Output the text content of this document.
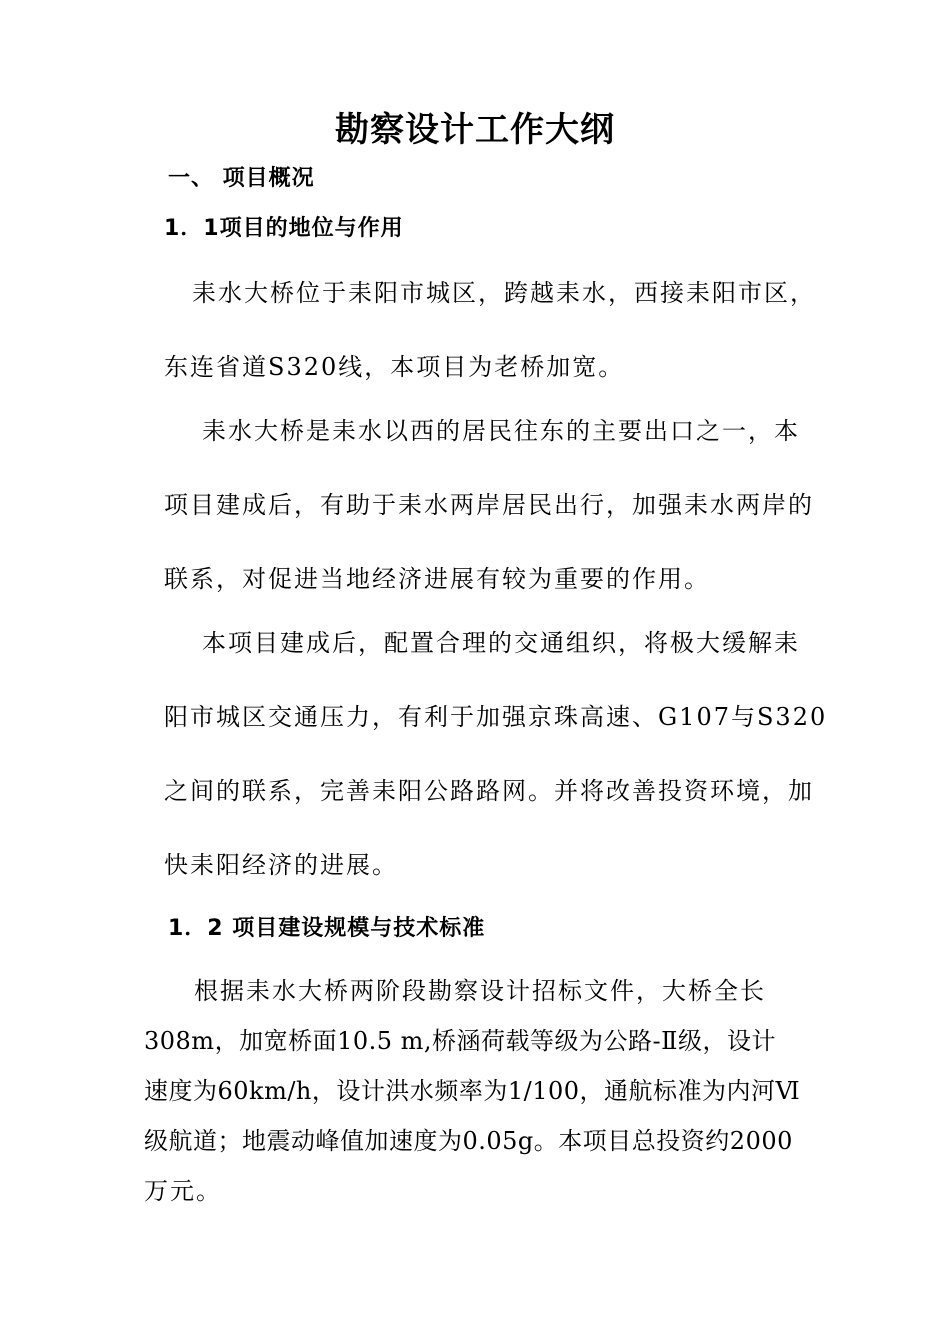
勘察设计工作大纲
一、 项目概况
1．1项目的地位与作用
耒水大桥位于耒阳市城区，跨越耒水，西接耒阳市区，
东连省道S320线，本项目为老桥加宽。
耒水大桥是耒水以西的居民往东的主要出口之一，本
项目建成后，有助于耒水两岸居民出行，加强耒水两岸的
联系，对促进当地经济进展有较为重要的作用。
本项目建成后，配置合理的交通组织，将极大缓解耒
阳市城区交通压力，有利于加强京珠高速、G107与S320
之间的联系，完善耒阳公路路网。并将改善投资环境，加
快耒阳经济的进展。
1．2 项目建设规模与技术标准
根据耒水大桥两阶段勘察设计招标文件，大桥全长
308m，加宽桥面10.5 m,桥涵荷载等级为公路-Ⅱ级，设计
速度为60km/h，设计洪水频率为1/100，通航标准为内河Ⅵ
级航道；地震动峰值加速度为0.05g。本项目总投资约2000
万元。
